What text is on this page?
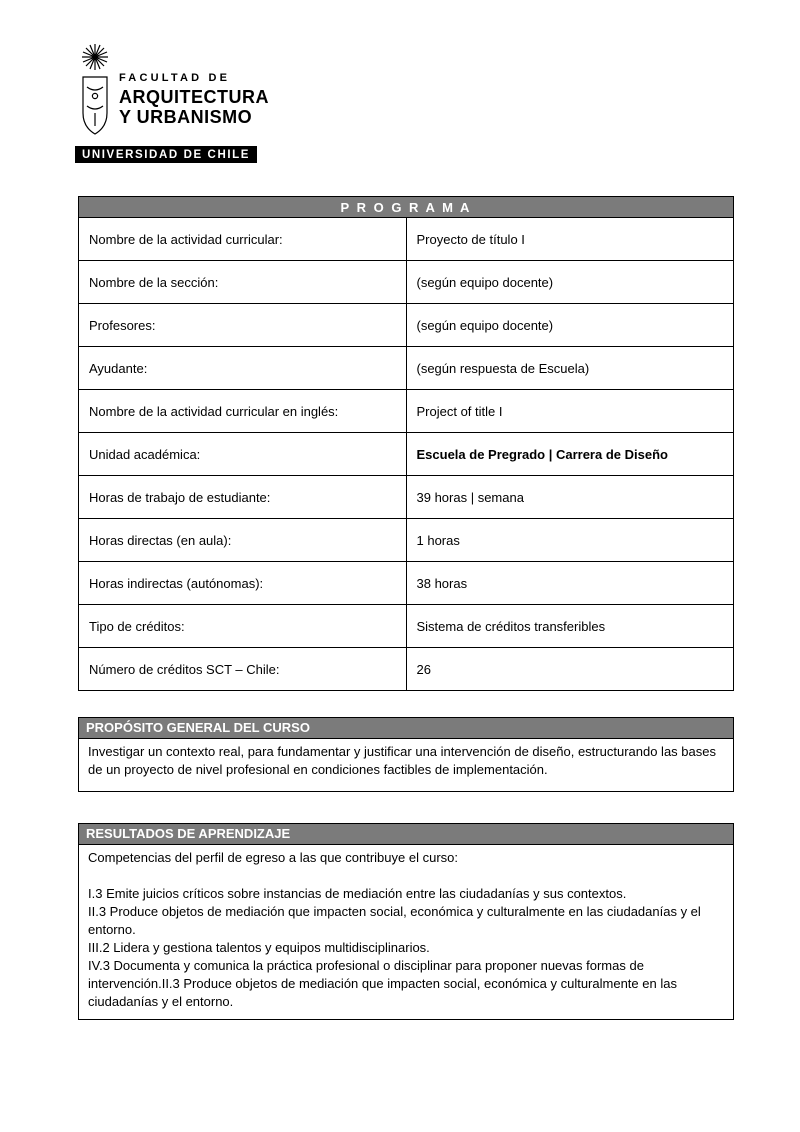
FACULTAD DE
ARQUITECTURA
Y URBANISMO
UNIVERSIDAD DE CHILE
P R O G R A M A	
Nombre de la actividad curricular:	Proyecto de título I
Nombre de la sección:	(según equipo docente)
Profesores:	(según equipo docente)
Ayudante:	(según respuesta de Escuela)
Nombre de la actividad curricular en inglés:	Project of title I
Unidad académica:	Escuela de Pregrado | Carrera de Diseño
Horas de trabajo de estudiante:	39 horas | semana
Horas directas (en aula):	1 horas
Horas indirectas (autónomas):	38 horas
Tipo de créditos:	Sistema de créditos transferibles
Número de créditos SCT – Chile:	26
PROPÓSITO GENERAL DEL CURSO
Investigar un contexto real, para fundamentar y justificar una intervención de diseño, estructurando las bases de un proyecto de nivel profesional en condiciones factibles de implementación.
RESULTADOS DE APRENDIZAJE
Competencias del perfil de egreso a las que contribuye el curso:
I.3 Emite juicios críticos sobre instancias de mediación entre las ciudadanías y sus contextos.
II.3 Produce objetos de mediación que impacten social, económica y culturalmente en las ciudadanías y el entorno.
III.2 Lidera y gestiona talentos y equipos multidisciplinarios.
IV.3 Documenta y comunica la práctica profesional o disciplinar para proponer nuevas formas de intervención.II.3 Produce objetos de mediación que impacten social, económica y culturalmente en las ciudadanías y el entorno.
